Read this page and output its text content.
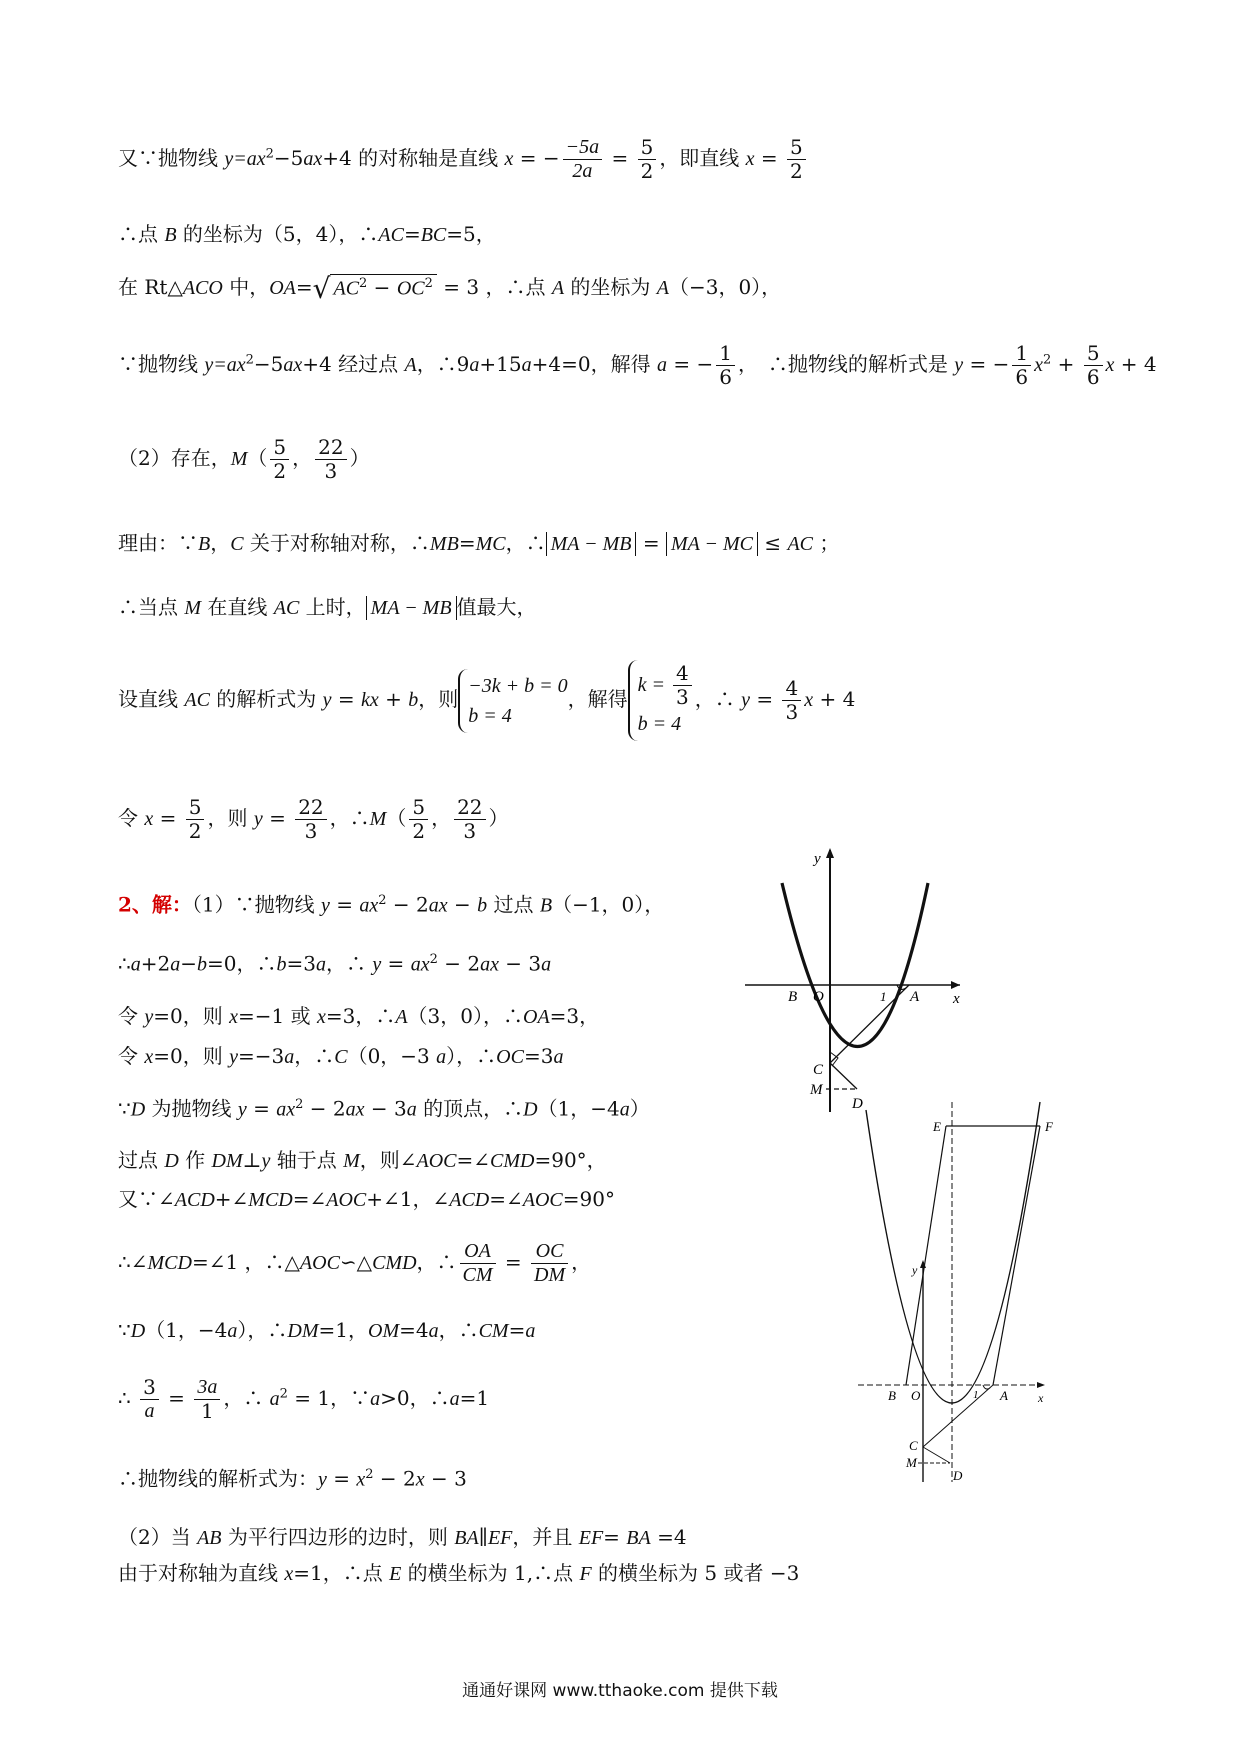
又∵抛物线 $y=ax^2-5ax+4$ 的对称轴是直线 x = − $\frac{-5a}{2a} = \frac{5}{2}$ ，即直线 $x = \frac{5}{2}$
∴点 B 的坐标为（5，4），∴AC=BC=5，
在 Rt△ACO 中，OA=√ $AC^2 - OC^2 = 3$ ，∴点 A 的坐标为 A（−3，0），
∵抛物线 $y=ax^2-5ax+4$ 经过点 A，∴9a+15a+4=0，解得 a = − $\frac{1}{6}$ ，　∴抛物线的解析式是 y = − $\frac{1}{6} x^2 + \frac{5}{6}$ x + 4
（2）存在，$M( \frac{5}{2}$ ， $\frac{22}{3}$ ）
理由：∵B，C 关于对称轴对称，∴MB=MC，∴ MA − MB = MA − MC ≤ AC ；
∴当点 M 在直线 AC 上时， MA − MB 值最大，
设直线 AC 的解析式为 y = kx + b，则
−3k + b = 0
b = 4
，解得
$k = \frac{4}{3}$
b = 4
，∴ $y = \frac{4}{3}$ x + 4
令 $x = \frac{5}{2}$ ，则 $y = \frac{22}{3}$ ，∴M（ $\frac{5}{2}$ ， $\frac{22}{3}$ ）
2、解：（1）∵抛物线 $y = ax^2 - 2ax - b$ 过点 B（−1，0），
∴a+2a−b=0，∴b=3a，∴ $y = ax^2 - 2ax - 3a$
令 y=0，则 x=−1 或 x=3，∴A（3，0），∴OA=3，
令 x=0，则 y=−3a，∴C（0，−3 a），∴OC=3a
∵D 为抛物线 $y = ax^2 - 2ax - 3a$ 的顶点，∴D（1，−4a）
过点 D 作 DM⊥y 轴于点 M，则∠AOC=∠CMD=90°，
又∵∠ACD+∠MCD=∠AOC+∠1，∠ACD=∠AOC=90°
∴∠MCD=∠1 ，∴△AOC∽△CMD，∴ $\frac{OA}{CM} = \frac{OC}{DM}$ ，
∵D（1，−4a），∴DM=1，OM=4a，∴CM=a
∴ $\frac{3}{a} = \frac{3a}{1}$ ，∴ $a^2 = 1$，∵a>0，∴a=1
∴抛物线的解析式为：$y = x^2 - 2x - 3$
（2）当 AB 为平行四边形的边时，则 BA∥EF，并且 EF= BA =4
由于对称轴为直线 x=1，∴点 E 的横坐标为 1,∴点 F 的横坐标为 5 或者 −3
y
x
B O	1 A
C
M
D
E	F
y
x
B O	1 A
C
M
D
通通好课网 www.tthaoke.com 提供下载
